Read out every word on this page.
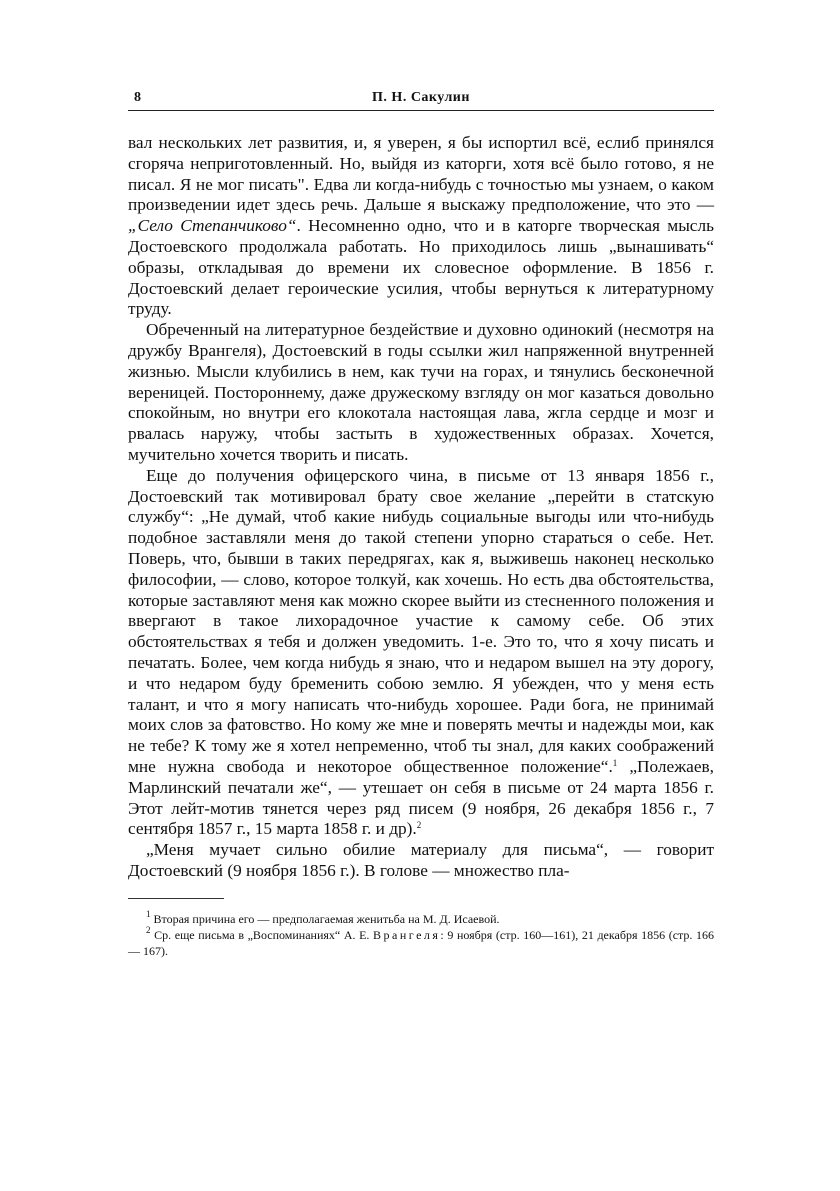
8	П. Н. Сакулин

вал нескольких лет развития, и, я уверен, я бы испортил всё, еслиб принялся сгоряча неприготовленный. Но, выйдя из каторги, хотя всё было готово, я не писал. Я не мог писать". Едва ли когда-нибудь с точностью мы узнаем, о каком произведении идет здесь речь. Дальше я выскажу предположение, что это — „Село Степанчиково“. Несомненно одно, что и в каторге творческая мысль Достоевского продолжала работать. Но приходилось лишь „вынашивать“ образы, откладывая до времени их словесное оформление. В 1856 г. Достоевский делает героические усилия, чтобы вернуться к литературному труду.

Обреченный на литературное бездействие и духовно одинокий (несмотря на дружбу Врангеля), Достоевский в годы ссылки жил напряженной внутренней жизнью. Мысли клубились в нем, как тучи на горах, и тянулись бесконечной вереницей. Постороннему, даже дружескому взгляду он мог казаться довольно спокойным, но внутри его клокотала настоящая лава, жгла сердце и мозг и рвалась наружу, чтобы застыть в художественных образах. Хочется, мучительно хочется творить и писать.

Еще до получения офицерского чина, в письме от 13 января 1856 г., Достоевский так мотивировал брату свое желание „перейти в статскую службу“: „Не думай, чтоб какие нибудь социальные выгоды или что-нибудь подобное заставляли меня до такой степени упорно стараться о себе. Нет. Поверь, что, бывши в таких передрягах, как я, выживешь наконец несколько философии, — слово, которое толкуй, как хочешь. Но есть два обстоятельства, которые заставляют меня как можно скорее выйти из стесненного положения и ввергают в такое лихорадочное участие к самому себе. Об этих обстоятельствах я тебя и должен уведомить. 1-е. Это то, что я хочу писать и печатать. Более, чем когда нибудь я знаю, что и недаром вышел на эту дорогу, и что недаром буду бременить собою землю. Я убежден, что у меня есть талант, и что я могу написать что-нибудь хорошее. Ради бога, не принимай моих слов за фатовство. Но кому же мне и поверять мечты и надежды мои, как не тебе? К тому же я хотел непременно, чтоб ты знал, для каких соображений мне нужна свобода и некоторое общественное положение“.$^1$ „Полежаев, Марлинский печатали же“, — утешает он себя в письме от 24 марта 1856 г. Этот лейт-мотив тянется через ряд писем (9 ноября, 26 декабря 1856 г., 7 сентября 1857 г., 15 марта 1858 г. и др).$^2$

„Меня мучает сильно обилие материалу для письма“, — говорит Достоевский (9 ноября 1856 г.). В голове — множество пла-

$^1$ Вторая причина его — предполагаемая женитьба на М. Д. Исаевой.

$^2$ Ср. еще письма в „Воспоминаниях“ А. Е. Врангеля: 9 ноября (стр. 160—161), 21 декабря 1856 (стр. 166 — 167).
